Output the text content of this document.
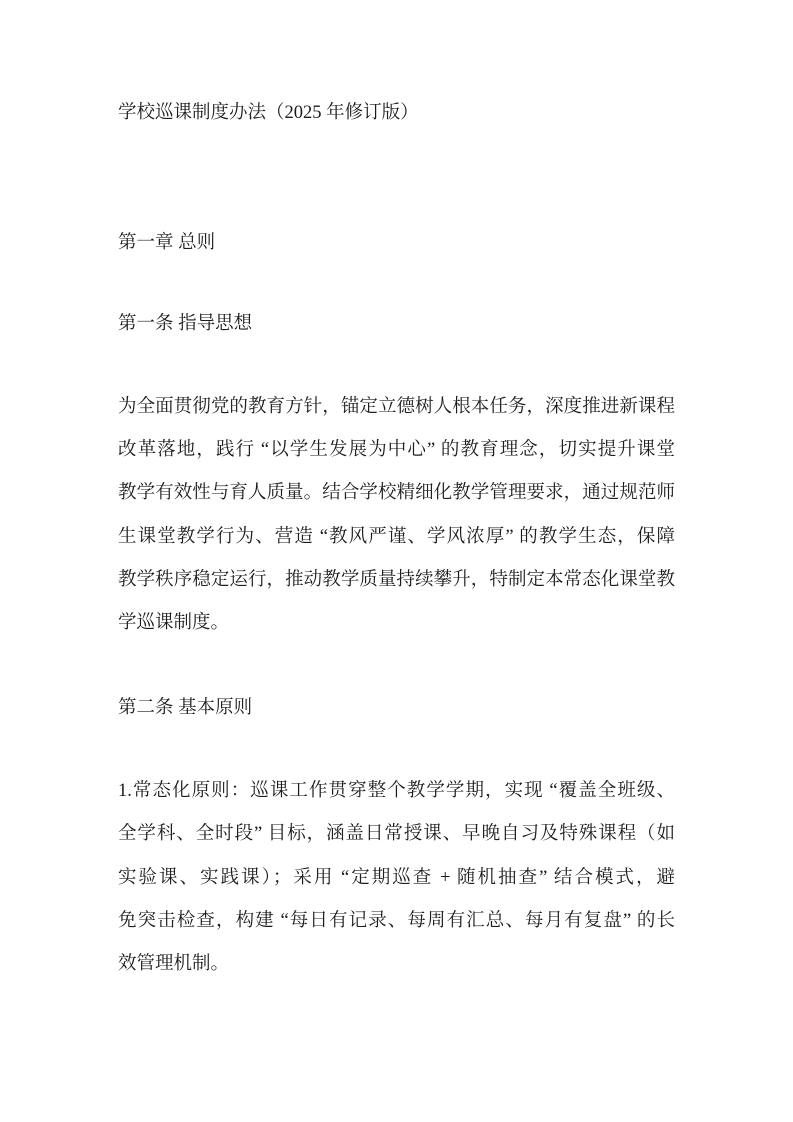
学校巡课制度办法（2025 年修订版）

第一章 总则

第一条 指导思想

为全面贯彻党的教育方针，锚定立德树人根本任务，深度推进新课程
改革落地，践行 “以学生发展为中心” 的教育理念，切实提升课堂
教学有效性与育人质量。结合学校精细化教学管理要求，通过规范师
生课堂教学行为、营造 “教风严谨、学风浓厚” 的教学生态，保障
教学秩序稳定运行，推动教学质量持续攀升，特制定本常态化课堂教
学巡课制度。

第二条 基本原则

1.常态化原则：巡课工作贯穿整个教学学期，实现 “覆盖全班级、
全学科、全时段” 目标，涵盖日常授课、早晚自习及特殊课程（如
实验课、实践课）；采用 “定期巡查 + 随机抽查” 结合模式，避
免突击检查，构建 “每日有记录、每周有汇总、每月有复盘” 的长
效管理机制。
